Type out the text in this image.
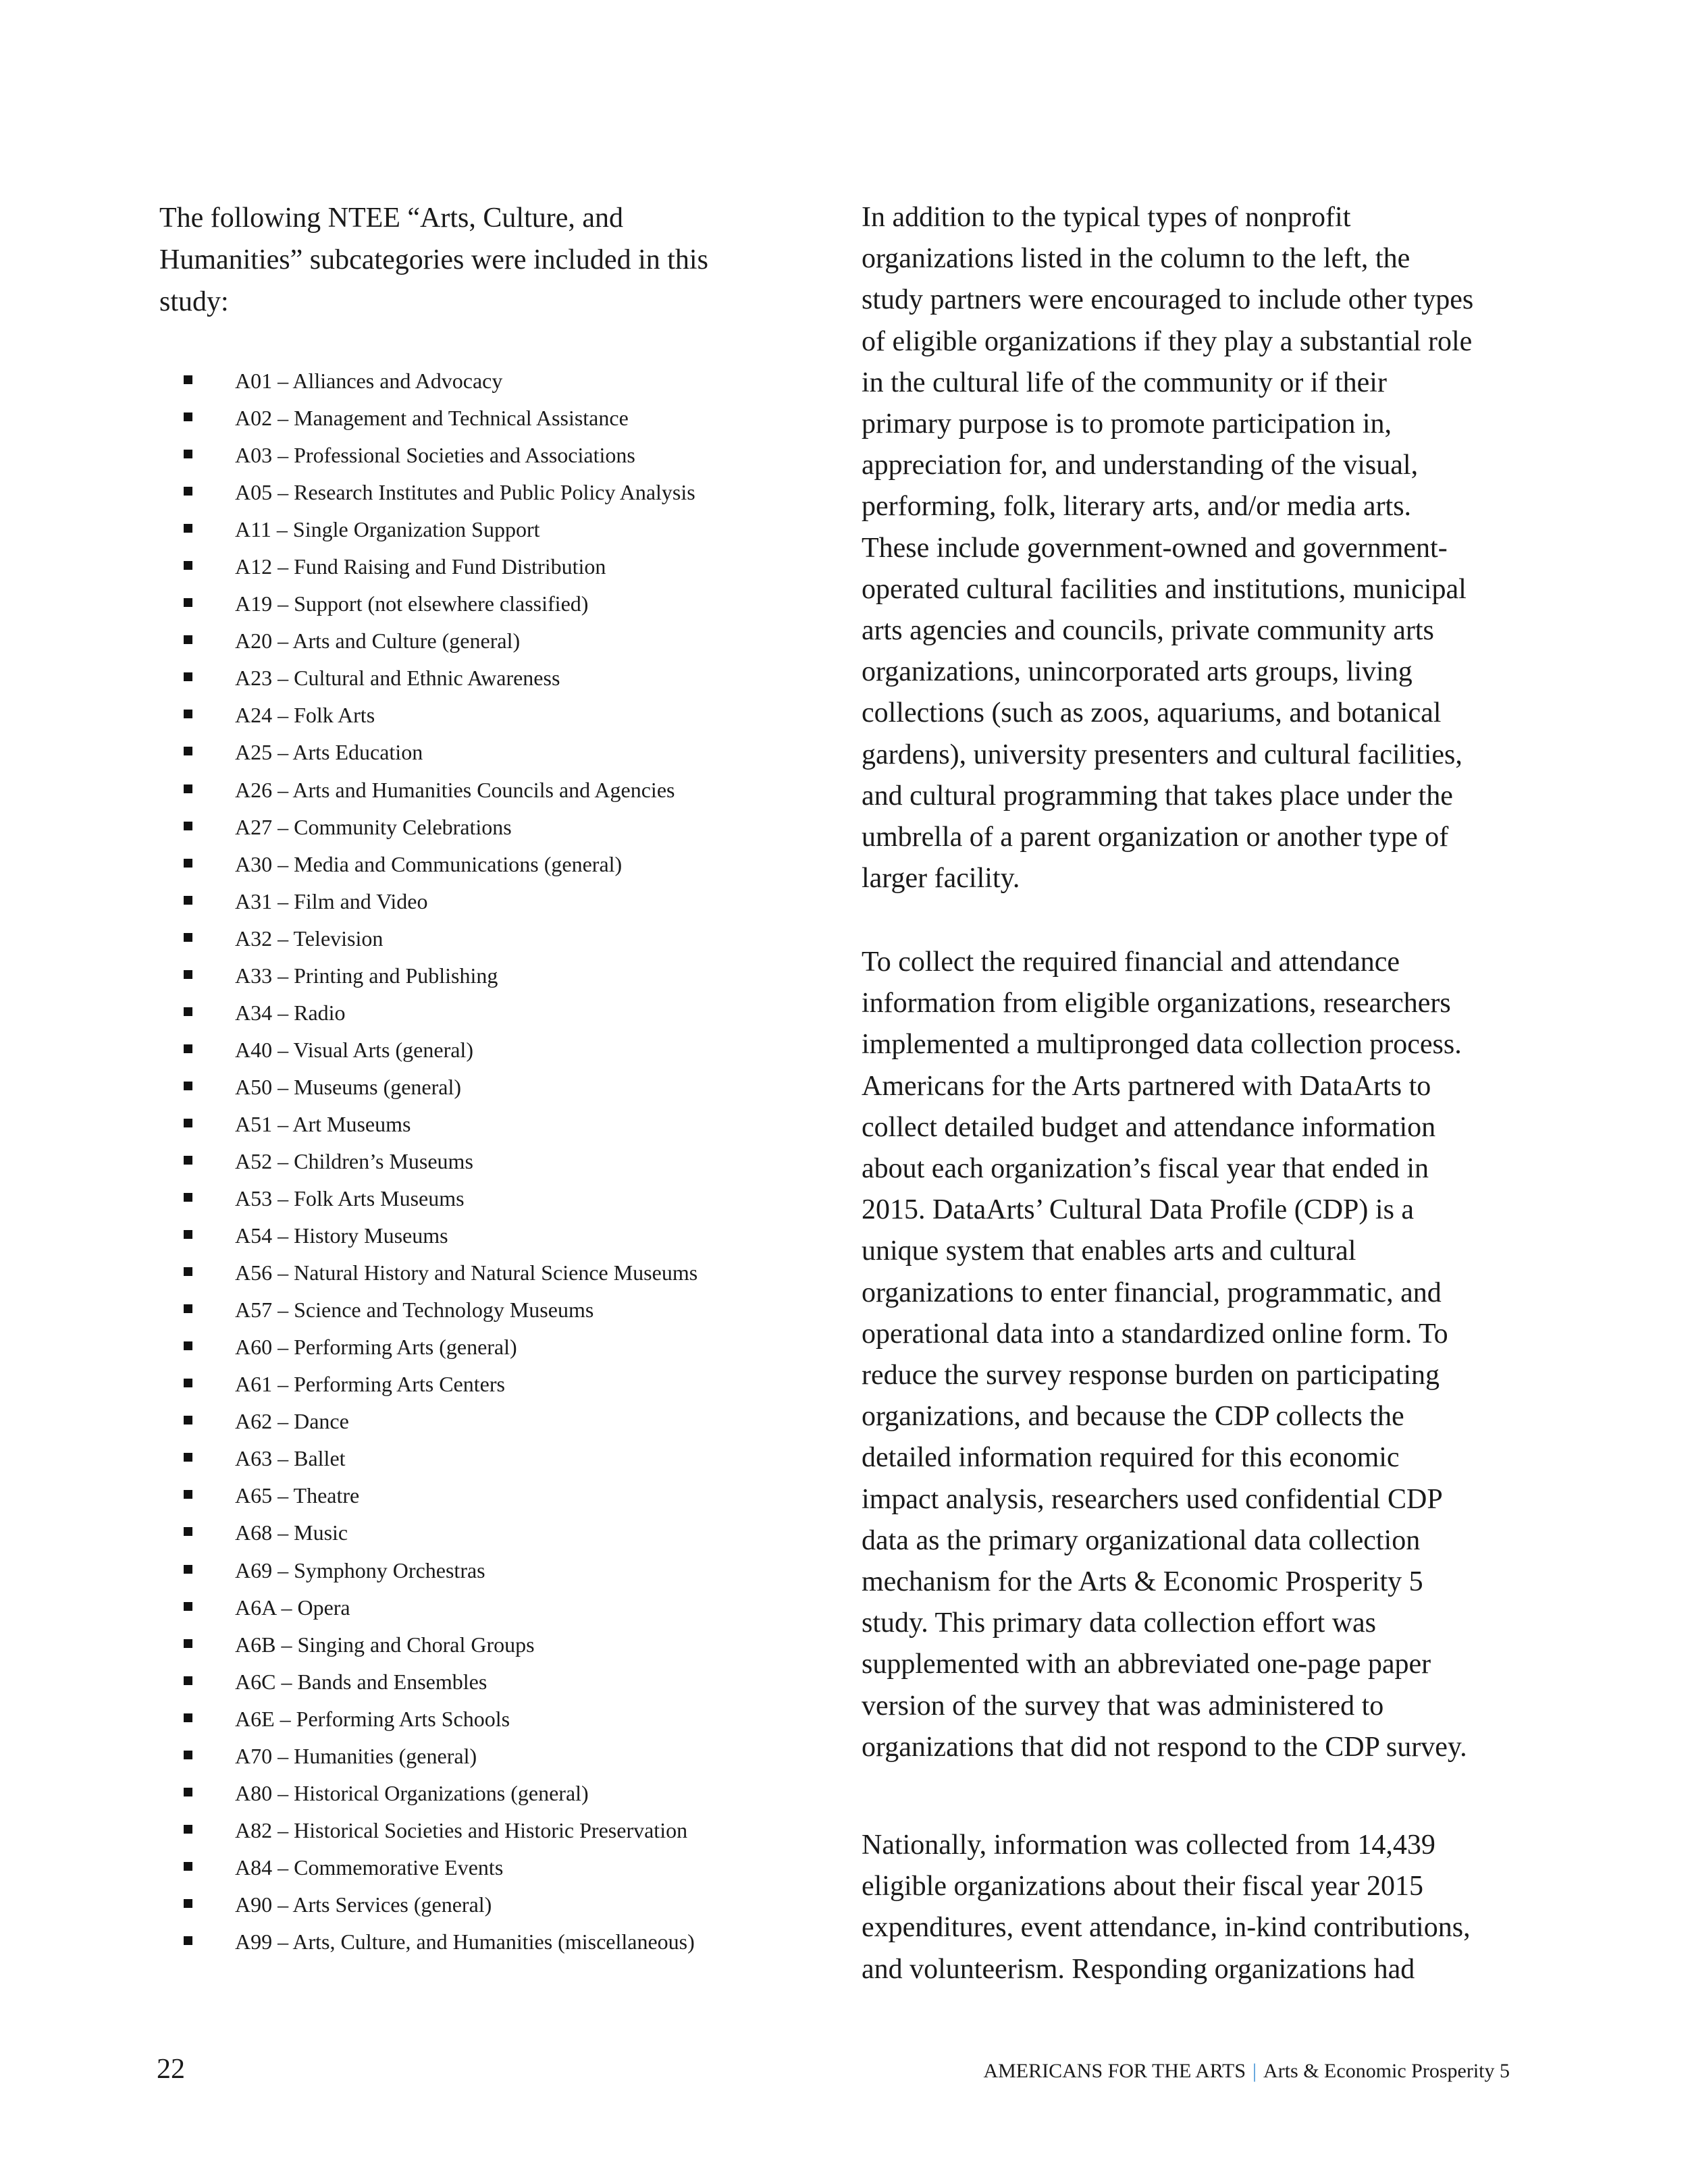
The following NTEE “Arts, Culture, and
Humanities” subcategories were included in this
study:

A01 – Alliances and Advocacy
A02 – Management and Technical Assistance
A03 – Professional Societies and Associations
A05 – Research Institutes and Public Policy Analysis
A11 – Single Organization Support
A12 – Fund Raising and Fund Distribution
A19 – Support (not elsewhere classified)
A20 – Arts and Culture (general)
A23 – Cultural and Ethnic Awareness
A24 – Folk Arts
A25 – Arts Education
A26 – Arts and Humanities Councils and Agencies
A27 – Community Celebrations
A30 – Media and Communications (general)
A31 – Film and Video
A32 – Television
A33 – Printing and Publishing
A34 – Radio
A40 – Visual Arts (general)
A50 – Museums (general)
A51 – Art Museums
A52 – Children’s Museums
A53 – Folk Arts Museums
A54 – History Museums
A56 – Natural History and Natural Science Museums
A57 – Science and Technology Museums
A60 – Performing Arts (general)
A61 – Performing Arts Centers
A62 – Dance
A63 – Ballet
A65 – Theatre
A68 – Music
A69 – Symphony Orchestras
A6A – Opera
A6B – Singing and Choral Groups
A6C – Bands and Ensembles
A6E – Performing Arts Schools
A70 – Humanities (general)
A80 – Historical Organizations (general)
A82 – Historical Societies and Historic Preservation
A84 – Commemorative Events
A90 – Arts Services (general)
A99 – Arts, Culture, and Humanities (miscellaneous)

In addition to the typical types of nonprofit
organizations listed in the column to the left, the
study partners were encouraged to include other types
of eligible organizations if they play a substantial role
in the cultural life of the community or if their
primary purpose is to promote participation in,
appreciation for, and understanding of the visual,
performing, folk, literary arts, and/or media arts.
These include government-owned and government-
operated cultural facilities and institutions, municipal
arts agencies and councils, private community arts
organizations, unincorporated arts groups, living
collections (such as zoos, aquariums, and botanical
gardens), university presenters and cultural facilities,
and cultural programming that takes place under the
umbrella of a parent organization or another type of
larger facility.

To collect the required financial and attendance
information from eligible organizations, researchers
implemented a multipronged data collection process.
Americans for the Arts partnered with DataArts to
collect detailed budget and attendance information
about each organization’s fiscal year that ended in
2015. DataArts’ Cultural Data Profile (CDP) is a
unique system that enables arts and cultural
organizations to enter financial, programmatic, and
operational data into a standardized online form. To
reduce the survey response burden on participating
organizations, and because the CDP collects the
detailed information required for this economic
impact analysis, researchers used confidential CDP
data as the primary organizational data collection
mechanism for the Arts & Economic Prosperity 5
study. This primary data collection effort was
supplemented with an abbreviated one-page paper
version of the survey that was administered to
organizations that did not respond to the CDP survey.

Nationally, information was collected from 14,439
eligible organizations about their fiscal year 2015
expenditures, event attendance, in-kind contributions,
and volunteerism. Responding organizations had

22	AMERICANS FOR THE ARTS | Arts & Economic Prosperity 5
